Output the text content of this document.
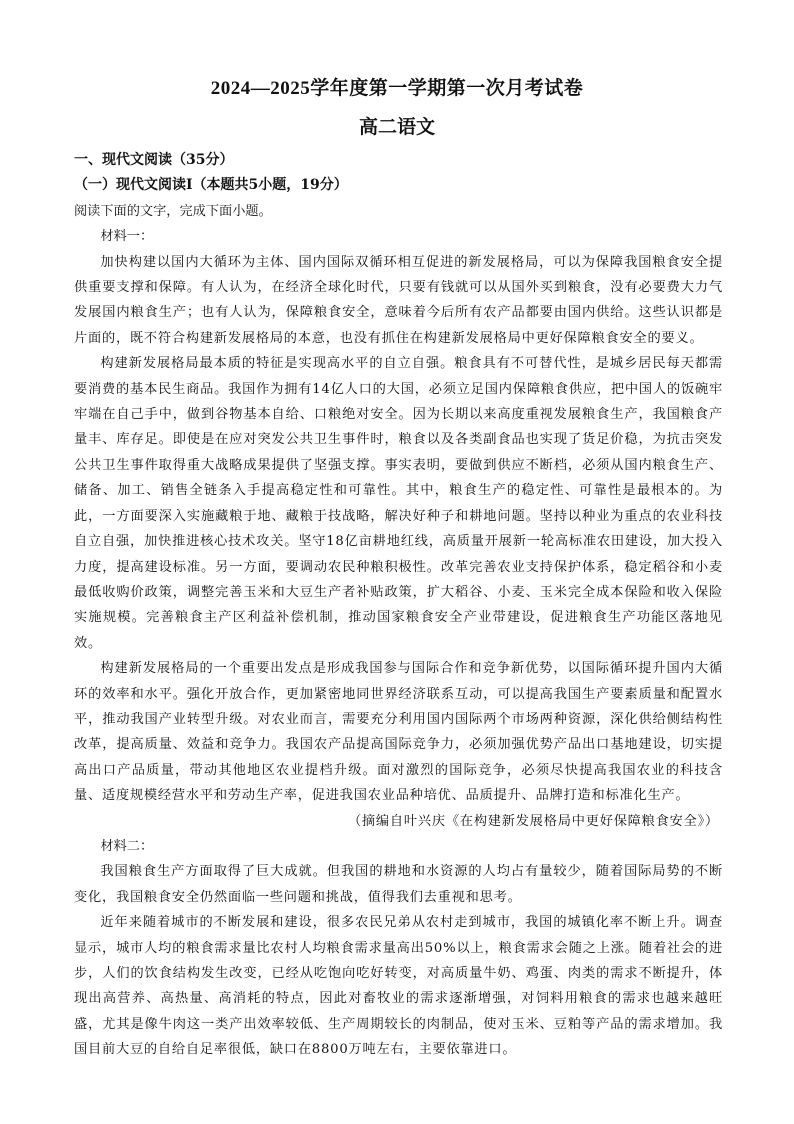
2024—2025学年度第一学期第一次月考试卷
高二语文

一、现代文阅读（35分）

（一）现代文阅读Ⅰ（本题共5小题，19分）

阅读下面的文字，完成下面小题。

材料一：

加快构建以国内大循环为主体、国内国际双循环相互促进的新发展格局，可以为保障我国粮食安全提供重要支撑和保障。有人认为，在经济全球化时代，只要有钱就可以从国外买到粮食，没有必要费大力气发展国内粮食生产；也有人认为，保障粮食安全，意味着今后所有农产品都要由国内供给。这些认识都是片面的，既不符合构建新发展格局的本意，也没有抓住在构建新发展格局中更好保障粮食安全的要义。

构建新发展格局最本质的特征是实现高水平的自立自强。粮食具有不可替代性，是城乡居民每天都需要消费的基本民生商品。我国作为拥有14亿人口的大国，必须立足国内保障粮食供应，把中国人的饭碗牢牢端在自己手中，做到谷物基本自给、口粮绝对安全。因为长期以来高度重视发展粮食生产，我国粮食产量丰、库存足。即使是在应对突发公共卫生事件时，粮食以及各类副食品也实现了货足价稳，为抗击突发公共卫生事件取得重大战略成果提供了坚强支撑。事实表明，要做到供应不断档，必须从国内粮食生产、储备、加工、销售全链条入手提高稳定性和可靠性。其中，粮食生产的稳定性、可靠性是最根本的。为此，一方面要深入实施藏粮于地、藏粮于技战略，解决好种子和耕地问题。坚持以种业为重点的农业科技自立自强，加快推进核心技术攻关。坚守18亿亩耕地红线，高质量开展新一轮高标准农田建设，加大投入力度，提高建设标准。另一方面，要调动农民种粮积极性。改革完善农业支持保护体系，稳定稻谷和小麦最低收购价政策，调整完善玉米和大豆生产者补贴政策，扩大稻谷、小麦、玉米完全成本保险和收入保险实施规模。完善粮食主产区利益补偿机制，推动国家粮食安全产业带建设，促进粮食生产功能区落地见效。

构建新发展格局的一个重要出发点是形成我国参与国际合作和竞争新优势，以国际循环提升国内大循环的效率和水平。强化开放合作，更加紧密地同世界经济联系互动，可以提高我国生产要素质量和配置水平，推动我国产业转型升级。对农业而言，需要充分利用国内国际两个市场两种资源，深化供给侧结构性改革，提高质量、效益和竞争力。我国农产品提高国际竞争力，必须加强优势产品出口基地建设，切实提高出口产品质量，带动其他地区农业提档升级。面对激烈的国际竞争，必须尽快提高我国农业的科技含量、适度规模经营水平和劳动生产率，促进我国农业品种培优、品质提升、品牌打造和标准化生产。

（摘编自叶兴庆《在构建新发展格局中更好保障粮食安全》）

材料二：

我国粮食生产方面取得了巨大成就。但我国的耕地和水资源的人均占有量较少，随着国际局势的不断变化，我国粮食安全仍然面临一些问题和挑战，值得我们去重视和思考。

近年来随着城市的不断发展和建设，很多农民兄弟从农村走到城市，我国的城镇化率不断上升。调查显示，城市人均的粮食需求量比农村人均粮食需求量高出50%以上，粮食需求会随之上涨。随着社会的进步，人们的饮食结构发生改变，已经从吃饱向吃好转变，对高质量牛奶、鸡蛋、肉类的需求不断提升，体现出高营养、高热量、高消耗的特点，因此对畜牧业的需求逐渐增强，对饲料用粮食的需求也越来越旺盛，尤其是像牛肉这一类产出效率较低、生产周期较长的肉制品，使对玉米、豆粕等产品的需求增加。我国目前大豆的自给自足率很低，缺口在8800万吨左右，主要依靠进口。
